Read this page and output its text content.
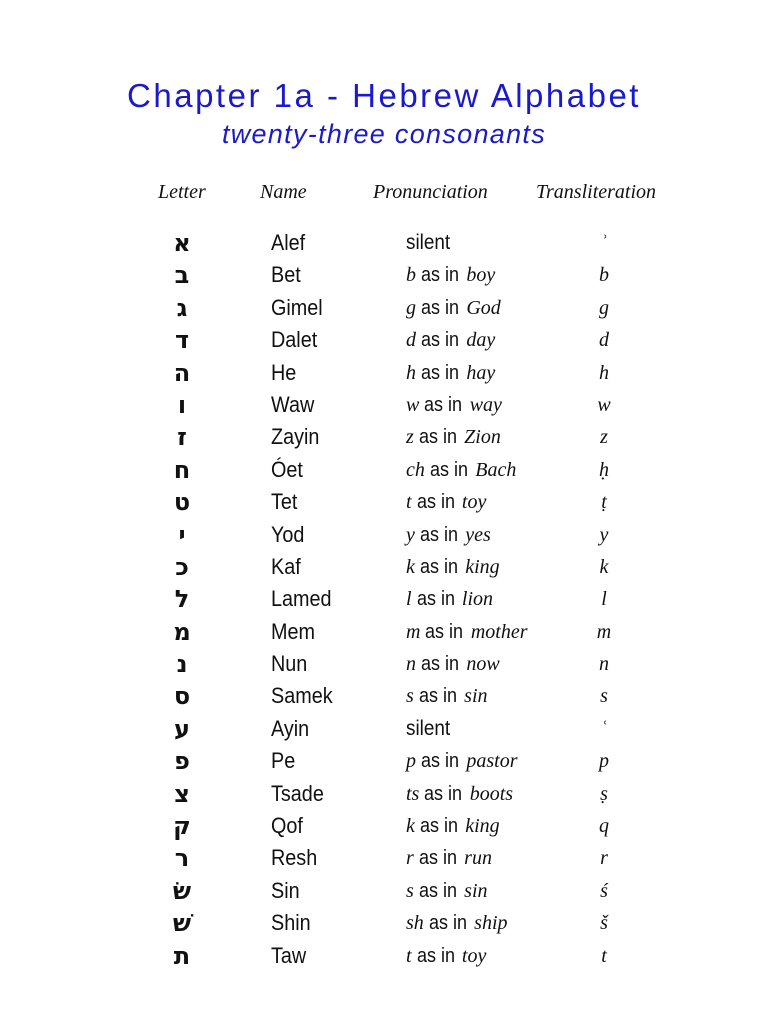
Chapter 1a - Hebrew Alphabet
twenty-three consonants
Letter	Name	Pronunciation Transliteration
א	Alef	silent	ʾ
ב	Bet	b as in boy	b
ג	Gimel	g as in God	g
ד	Dalet	d as in day	d
ה	He	h as in hay	h
ו	Waw	w as in way	w
ז	Zayin	z as in Zion	z
ח	Óet	ch as in Bach	ḥ
ט	Tet	t as in toy	ṭ
י	Yod	y as in yes	y
כ	Kaf	k as in king	k
ל	Lamed	l as in lion	l
מ	Mem	m as in mother	m
נ	Nun	n as in now	n
ס	Samek	s as in sin	s
ע	Ayin	silent	ʿ
פ	Pe	p as in pastor	p
צ	Tsade	ts as in boots	ṣ
ק	Qof	k as in king	q
ר	Resh	r as in run	r
שׂ	Sin	s as in sin	ś
שׁ	Shin	sh as in ship	š
ת	Taw	t as in toy	t
